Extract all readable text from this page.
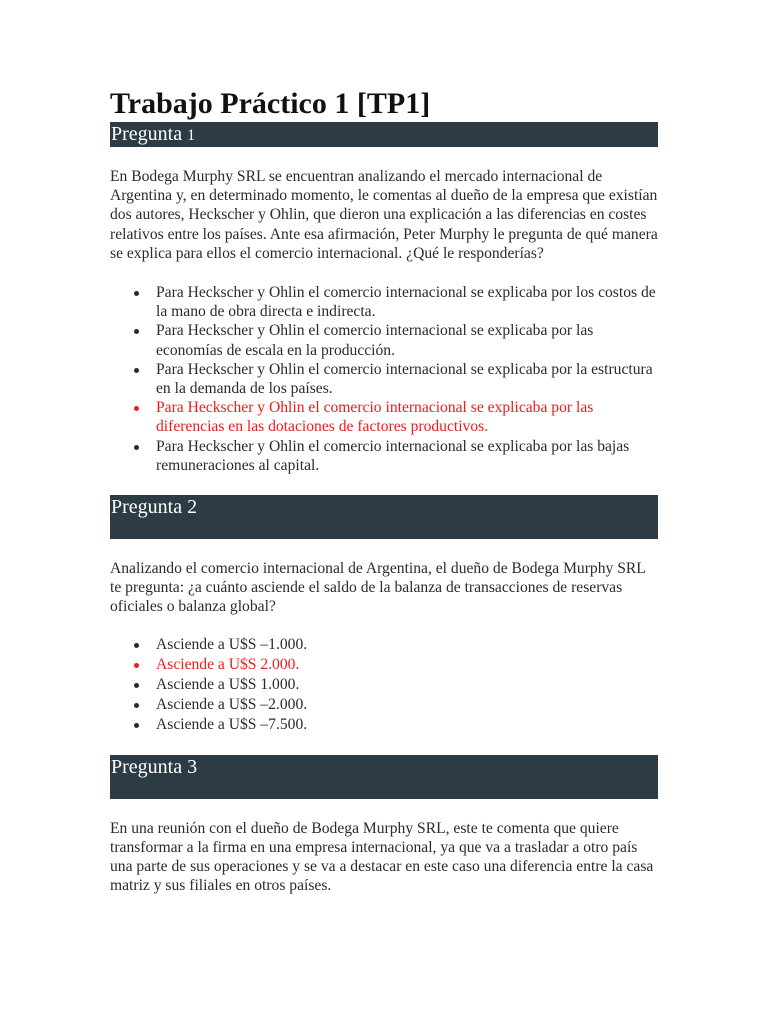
Trabajo Práctico 1 [TP1]
Pregunta 1

En Bodega Murphy SRL se encuentran analizando el mercado internacional de Argentina y, en determinado momento, le comentas al dueño de la empresa que existían dos autores, Heckscher y Ohlin, que dieron una explicación a las diferencias en costes relativos entre los países. Ante esa afirmación, Peter Murphy le pregunta de qué manera se explica para ellos el comercio internacional. ¿Qué le responderías?

Para Heckscher y Ohlin el comercio internacional se explicaba por los costos de la mano de obra directa e indirecta.
Para Heckscher y Ohlin el comercio internacional se explicaba por las economías de escala en la producción.
Para Heckscher y Ohlin el comercio internacional se explicaba por la estructura en la demanda de los países.
Para Heckscher y Ohlin el comercio internacional se explicaba por las diferencias en las dotaciones de factores productivos.
Para Heckscher y Ohlin el comercio internacional se explicaba por las bajas remuneraciones al capital.
Pregunta 2

Analizando el comercio internacional de Argentina, el dueño de Bodega Murphy SRL te pregunta: ¿a cuánto asciende el saldo de la balanza de transacciones de reservas oficiales o balanza global?

Asciende a U$S –1.000.
Asciende a U$S 2.000.
Asciende a U$S 1.000.
Asciende a U$S –2.000.
Asciende a U$S –7.500.
Pregunta 3

En una reunión con el dueño de Bodega Murphy SRL, este te comenta que quiere transformar a la firma en una empresa internacional, ya que va a trasladar a otro país una parte de sus operaciones y se va a destacar en este caso una diferencia entre la casa matriz y sus filiales en otros países.
